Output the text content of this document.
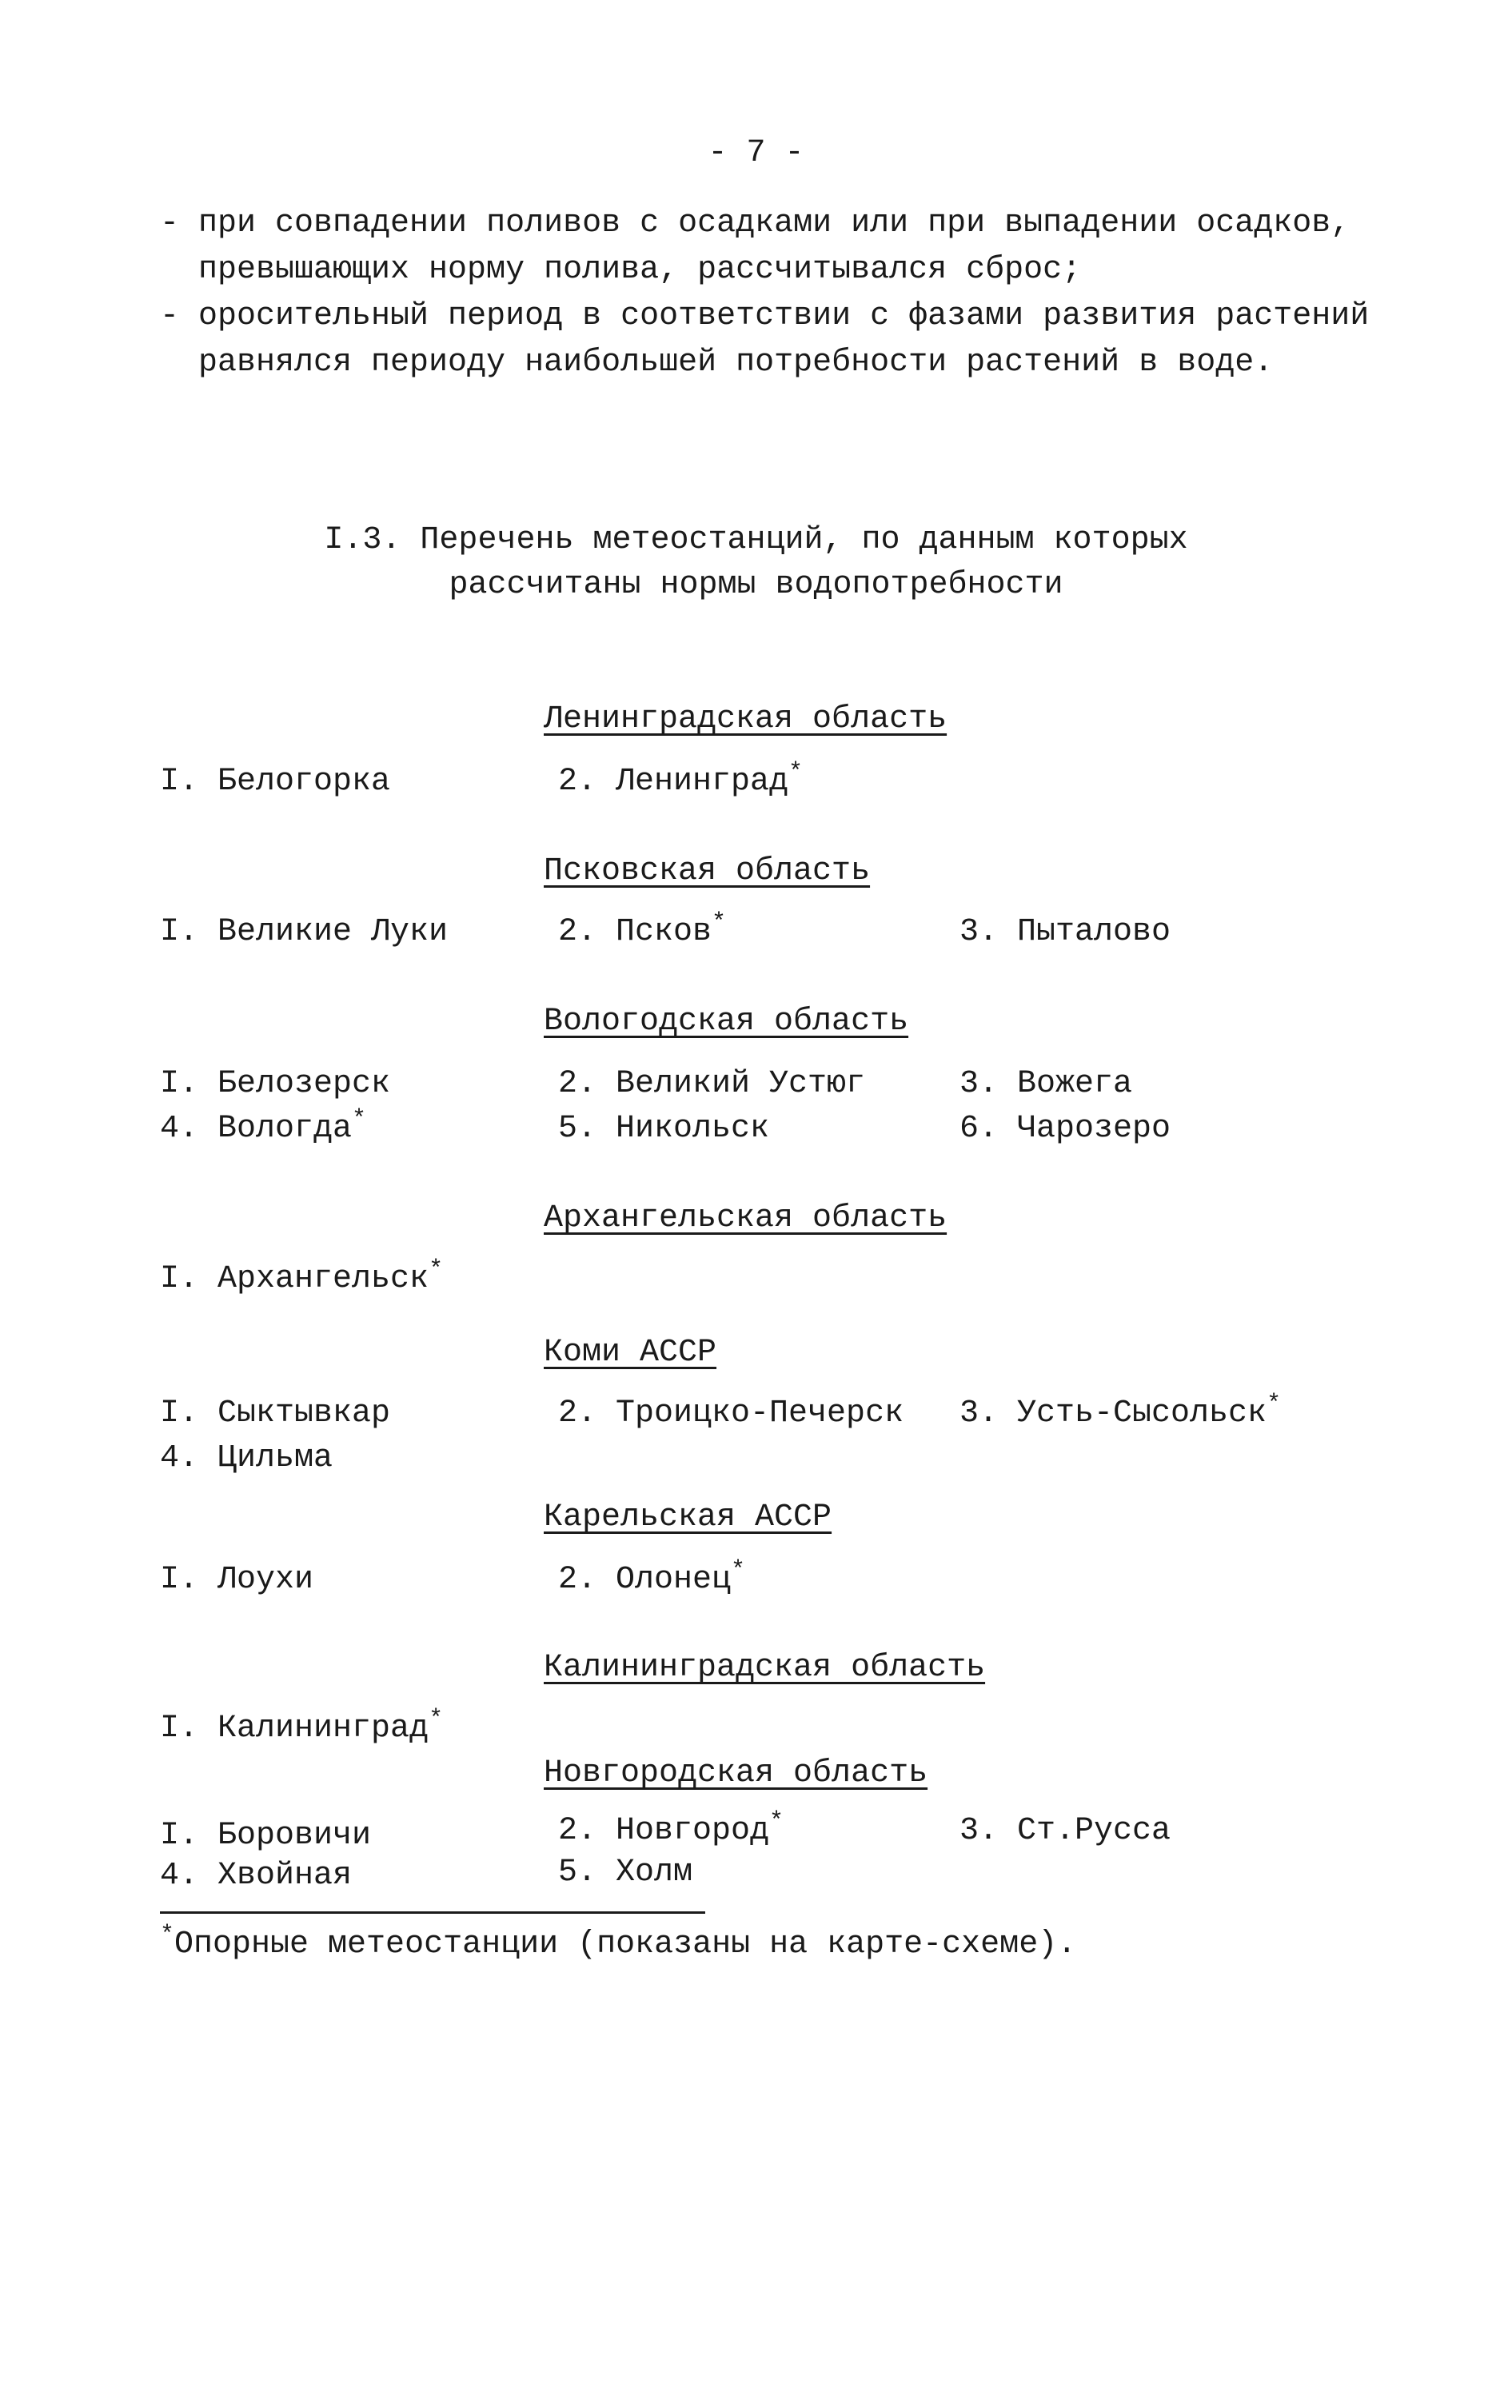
- 7 -
- при совпадении поливов с осадками или при выпадении осадков,
превышающих норму полива, рассчитывался сброс;
- оросительный период в соответствии с фазами развития растений
равнялся периоду наибольшей потребности растений в воде.
I.3. Перечень метеостанций, по данным которых
рассчитаны нормы водопотребности
Ленинградская область
I. Белогорка	2. Ленинград*
Псковская область
I. Великие Луки	2. Псков*	3. Пыталово
Вологодская область
I. Белозерск	2. Великий Устюг	3. Вожега
4. Вологда*	5. Никольск	6. Чарозеро
Архангельская область
I. Архангельск*
Коми АССР
I. Сыктывкар	2. Троицко-Печерск 3. Усть-Сысольск*
4. Цильма
Карельская АССР
I. Лоухи	2. Олонец*
Калининградская область
I. Калининград*
Новгородская область
I. Боровичи	2. Новгород*	3. Ст.Русса
4. Хвойная	5. Холм
*Опорные метеостанции (показаны на карте-схеме).
